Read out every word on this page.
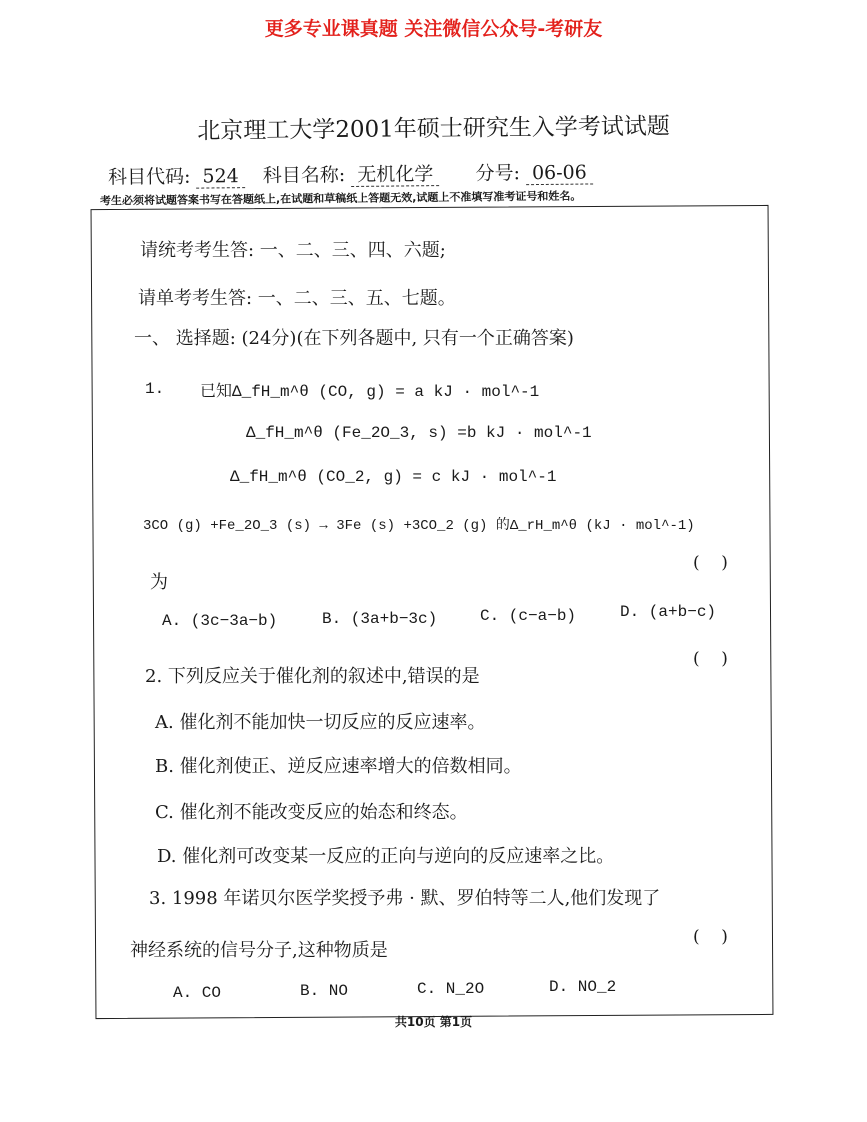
更多专业课真题 关注微信公众号-考研友
北京理工大学2001年硕士研究生入学考试试题
科目代码: 524 科目名称: 无机化学 分号: 06-06
考生必须将试题答案书写在答题纸上,在试题和草稿纸上答题无效,试题上不准填写准考证号和姓名。
请统考考生答: 一、二、三、四、六题;
请单考考生答: 一、二、三、五、七题。
一、 选择题: (24分)(在下列各题中, 只有一个正确答案)
1. 已知Δ_fH_m^θ (CO, g) = a kJ · mol^-1
Δ_fH_m^θ (Fe_2O_3, s) =b kJ · mol^-1
Δ_fH_m^θ (CO_2, g) = c kJ · mol^-1
3CO (g) +Fe_2O_3 (s) → 3Fe (s) +3CO_2 (g) 的Δ_rH_m^θ (kJ · mol^-1)
为
(    )
A. (3c−3a−b)	B. (3a+b−3c)	C. (c−a−b)	D. (a+b−c)
2. 下列反应关于催化剂的叙述中,错误的是
(    )
A. 催化剂不能加快一切反应的反应速率。
B. 催化剂使正、逆反应速率增大的倍数相同。
C. 催化剂不能改变反应的始态和终态。
D. 催化剂可改变某一反应的正向与逆向的反应速率之比。
3. 1998 年诺贝尔医学奖授予弗 · 默、罗伯特等二人,他们发现了
神经系统的信号分子,这种物质是
(    )
A. CO	B. NO	C. N_2O	D. NO_2
共10页 第1页
